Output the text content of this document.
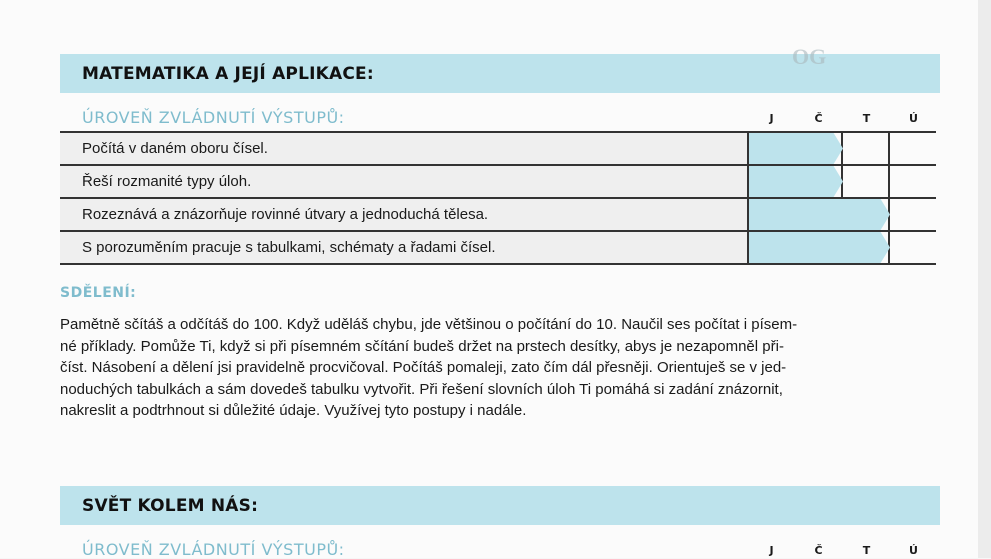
MATEMATIKA A JEJÍ APLIKACE:
OG
ÚROVEŇ ZVLÁDNUTÍ VÝSTUPŮ:	J	Č	T	Ú
Počítá v daném oboru čísel.	

Řeší rozmanité typy úloh.	

Rozeznává a znázorňuje rovinné útvary a jednoduchá tělesa.	

S porozuměním pracuje s tabulkami, schématy a řadami čísel.	

SDĚLENÍ:
Pamětně sčítáš a odčítáš do 100. Když uděláš chybu, jde většinou o počítání do 10. Naučil ses počítat i písem-
né příklady. Pomůže Ti, když si při písemném sčítání budeš držet na prstech desítky, abys je nezapomněl při-
číst. Násobení a dělení jsi pravidelně procvičoval. Počítáš pomaleji, zato čím dál přesněji. Orientuješ se v jed-
noduchých tabulkách a sám dovedeš tabulku vytvořit. Při řešení slovních úloh Ti pomáhá si zadání znázornit,
nakreslit a podtrhnout si důležité údaje. Využívej tyto postupy i nadále.
SVĚT KOLEM NÁS:
ÚROVEŇ ZVLÁDNUTÍ VÝSTUPŮ:	J	Č	T	Ú
